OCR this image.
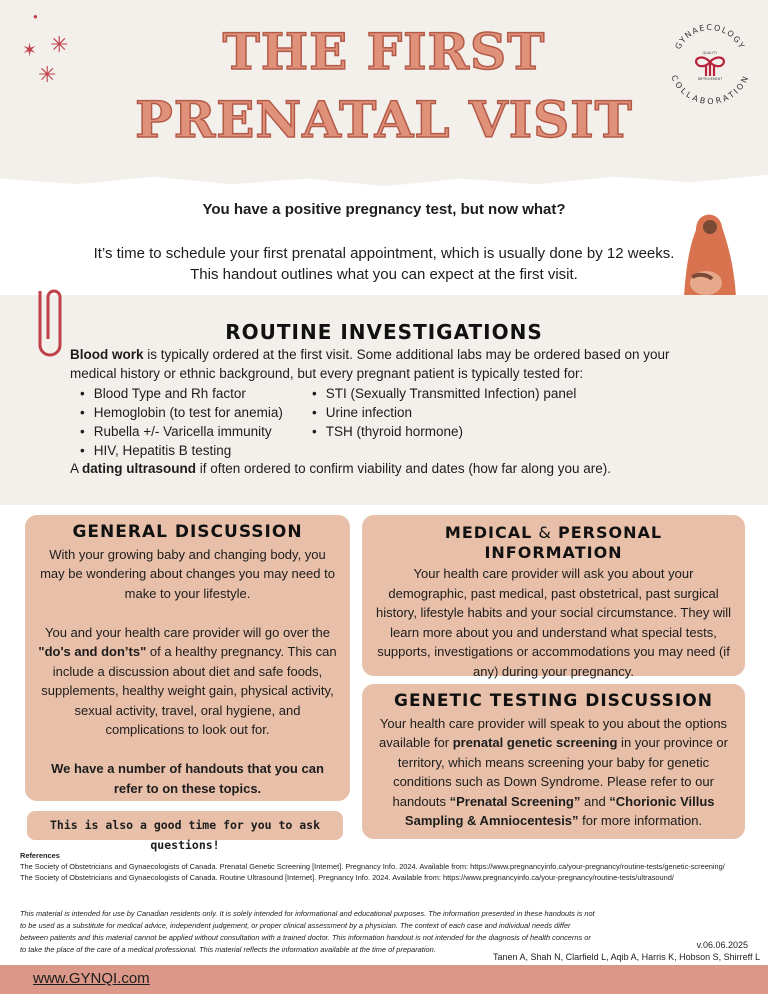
✶ ✳
✳
●
THE FIRST
PRENATAL VISIT
GYNAECOLOGY
COLLABORATION
QUALITY
IMPROVEMENT
You have a positive pregnancy test, but now what?
It’s time to schedule your first prenatal appointment, which is usually done by 12 weeks.
This handout outlines what you can expect at the first visit.
ROUTINE INVESTIGATIONS
Blood work is typically ordered at the first visit. Some additional labs may be ordered based on your medical history or ethnic background, but every pregnant patient is typically tested for:
• Blood Type and Rh factor
• Hemoglobin (to test for anemia)
• Rubella +/- Varicella immunity
• HIV, Hepatitis B testing
• STI (Sexually Transmitted Infection) panel
• Urine infection
• TSH (thyroid hormone)
A dating ultrasound if often ordered to confirm viability and dates (how far along you are).
GENERAL DISCUSSION

With your growing baby and changing body, you may be wondering about changes you may need to make to your lifestyle.

You and your health care provider will go over the "do's and don’ts" of a healthy pregnancy. This can include a discussion about diet and safe foods, supplements, healthy weight gain, physical activity, sexual activity, travel, oral hygiene, and complications to look out for.

We have a number of handouts that you can refer to on these topics.

This is also a good time for you to ask questions!
MEDICAL & PERSONAL INFORMATION

Your health care provider will ask you about your demographic, past medical, past obstetrical, past surgical history, lifestyle habits and your social circumstance. They will learn more about you and understand what special tests, supports, investigations or accommodations you may need (if any) during your pregnancy.

GENETIC TESTING DISCUSSION

Your health care provider will speak to you about the options available for prenatal genetic screening in your province or territory, which means screening your baby for genetic conditions such as Down Syndrome. Please refer to our handouts “Prenatal Screening” and “Chorionic Villus Sampling & Amniocentesis” for more information.

References
The Society of Obstetricians and Gynaecologists of Canada. Prenatal Genetic Screening [Internet]. Pregnancy Info. 2024. Available from: https://www.pregnancyinfo.ca/your-pregnancy/routine-tests/genetic-screening/
The Society of Obstetricians and Gynaecologists of Canada. Routine Ultrasound [Internet]. Pregnancy Info. 2024. Available from: https://www.pregnancyinfo.ca/your-pregnancy/routine-tests/ultrasound/
This material is intended for use by Canadian residents only. It is solely intended for informational and educational purposes. The information presented in these handouts is not to be used as a substitute for medical advice, independent judgement, or proper clinical assessment by a physician. The context of each case and individual needs differ between patients and this material cannot be applied without consultation with a trained doctor. This information handout is not intended for the diagnosis of health concerns or to take the place of the care of a medical professional. This material reflects the information available at the time of preparation.	v.06.06.2025
Tanen A, Shah N, Clarfield L, Aqib A, Harris K, Hobson S, Shirreff L
www.GYNQI.com
